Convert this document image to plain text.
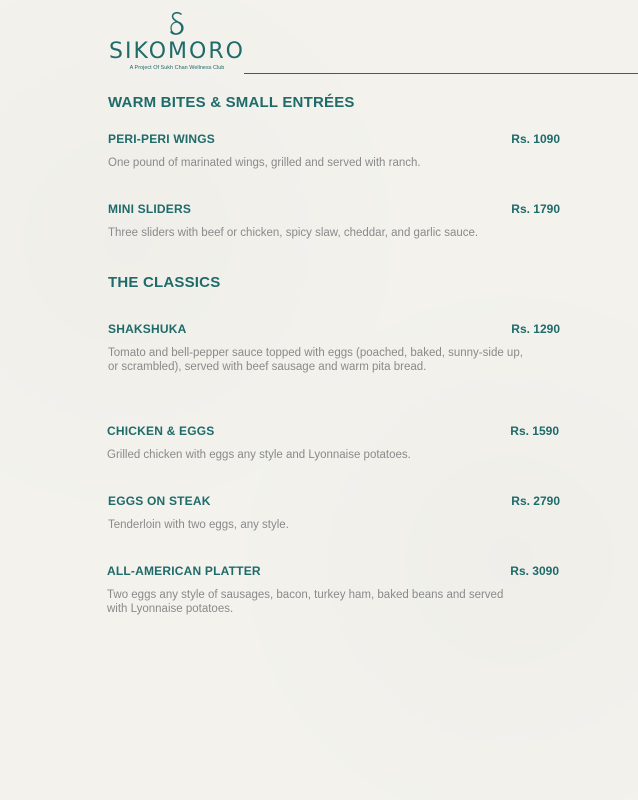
SIKOMORO
A Project Of Sukh Chan Wellness Club
WARM BITES & SMALL ENTRÉES
PERI-PERI WINGS	Rs. 1090
One pound of marinated wings, grilled and served with ranch.
MINI SLIDERS	Rs. 1790
Three sliders with beef or chicken, spicy slaw, cheddar, and garlic sauce.
THE CLASSICS
SHAKSHUKA	Rs. 1290
Tomato and bell-pepper sauce topped with eggs (poached, baked, sunny-side up, or scrambled), served with beef sausage and warm pita bread.
CHICKEN & EGGS	Rs. 1590
Grilled chicken with eggs any style and Lyonnaise potatoes.
EGGS ON STEAK	Rs. 2790
Tenderloin with two eggs, any style.
ALL-AMERICAN PLATTER	Rs. 3090
Two eggs any style of sausages, bacon, turkey ham, baked beans and served with Lyonnaise potatoes.
